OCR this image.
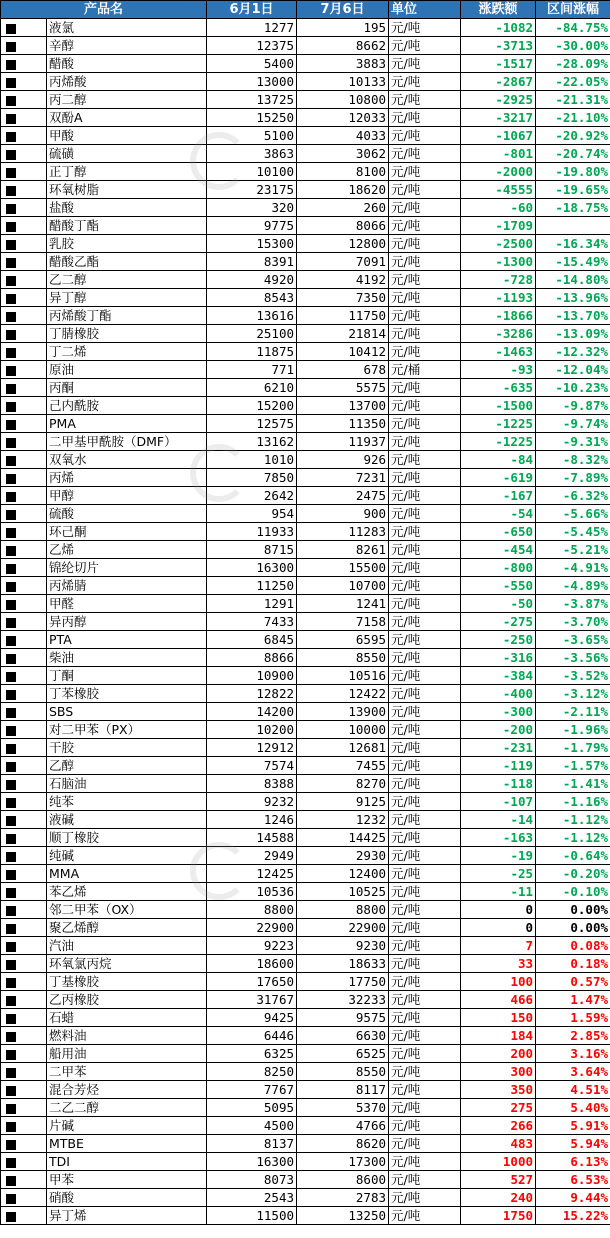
产品名		6月1日	7月6日	单位	涨跌额	区间涨幅
	液氯	1277	195	元/吨	-1082	-84.75%
	辛醇	12375	8662	元/吨	-3713	-30.00%
	醋酸	5400	3883	元/吨	-1517	-28.09%
	丙烯酸	13000	10133	元/吨	-2867	-22.05%
	丙二醇	13725	10800	元/吨	-2925	-21.31%
	双酚A	15250	12033	元/吨	-3217	-21.10%
	甲酸	5100	4033	元/吨	-1067	-20.92%
	硫磺	3863	3062	元/吨	-801	-20.74%
	正丁醇	10100	8100	元/吨	-2000	-19.80%
	环氧树脂	23175	18620	元/吨	-4555	-19.65%
	盐酸	320	260	元/吨	-60	-18.75%
	醋酸丁酯	9775	8066	元/吨	-1709	
	乳胶	15300	12800	元/吨	-2500	-16.34%
	醋酸乙酯	8391	7091	元/吨	-1300	-15.49%
	乙二醇	4920	4192	元/吨	-728	-14.80%
	异丁醇	8543	7350	元/吨	-1193	-13.96%
	丙烯酸丁酯	13616	11750	元/吨	-1866	-13.70%
	丁腈橡胶	25100	21814	元/吨	-3286	-13.09%
	丁二烯	11875	10412	元/吨	-1463	-12.32%
	原油	771	678	元/桶	-93	-12.04%
	丙酮	6210	5575	元/吨	-635	-10.23%
	己内酰胺	15200	13700	元/吨	-1500	-9.87%
	PMA	12575	11350	元/吨	-1225	-9.74%
	二甲基甲酰胺（DMF）	13162	11937	元/吨	-1225	-9.31%
	双氧水	1010	926	元/吨	-84	-8.32%
	丙烯	7850	7231	元/吨	-619	-7.89%
	甲醇	2642	2475	元/吨	-167	-6.32%
	硫酸	954	900	元/吨	-54	-5.66%
	环己酮	11933	11283	元/吨	-650	-5.45%
	乙烯	8715	8261	元/吨	-454	-5.21%
	锦纶切片	16300	15500	元/吨	-800	-4.91%
	丙烯腈	11250	10700	元/吨	-550	-4.89%
	甲醛	1291	1241	元/吨	-50	-3.87%
	异丙醇	7433	7158	元/吨	-275	-3.70%
	PTA	6845	6595	元/吨	-250	-3.65%
	柴油	8866	8550	元/吨	-316	-3.56%
	丁酮	10900	10516	元/吨	-384	-3.52%
	丁苯橡胶	12822	12422	元/吨	-400	-3.12%
	SBS	14200	13900	元/吨	-300	-2.11%
	对二甲苯（PX）	10200	10000	元/吨	-200	-1.96%
	干胶	12912	12681	元/吨	-231	-1.79%
	乙醇	7574	7455	元/吨	-119	-1.57%
	石脑油	8388	8270	元/吨	-118	-1.41%
	纯苯	9232	9125	元/吨	-107	-1.16%
	液碱	1246	1232	元/吨	-14	-1.12%
	顺丁橡胶	14588	14425	元/吨	-163	-1.12%
	纯碱	2949	2930	元/吨	-19	-0.64%
	MMA	12425	12400	元/吨	-25	-0.20%
	苯乙烯	10536	10525	元/吨	-11	-0.10%
	邻二甲苯（OX）	8800	8800	元/吨	0	0.00%
	聚乙烯醇	22900	22900	元/吨	0	0.00%
	汽油	9223	9230	元/吨	7	0.08%
	环氧氯丙烷	18600	18633	元/吨	33	0.18%
	丁基橡胶	17650	17750	元/吨	100	0.57%
	乙丙橡胶	31767	32233	元/吨	466	1.47%
	石蜡	9425	9575	元/吨	150	1.59%
	燃料油	6446	6630	元/吨	184	2.85%
	船用油	6325	6525	元/吨	200	3.16%
	二甲苯	8250	8550	元/吨	300	3.64%
	混合芳烃	7767	8117	元/吨	350	4.51%
	二乙二醇	5095	5370	元/吨	275	5.40%
	片碱	4500	4766	元/吨	266	5.91%
	MTBE	8137	8620	元/吨	483	5.94%
	TDI	16300	17300	元/吨	1000	6.13%
	甲苯	8073	8600	元/吨	527	6.53%
	硝酸	2543	2783	元/吨	240	9.44%
	异丁烯	11500	13250	元/吨	1750	15.22%
